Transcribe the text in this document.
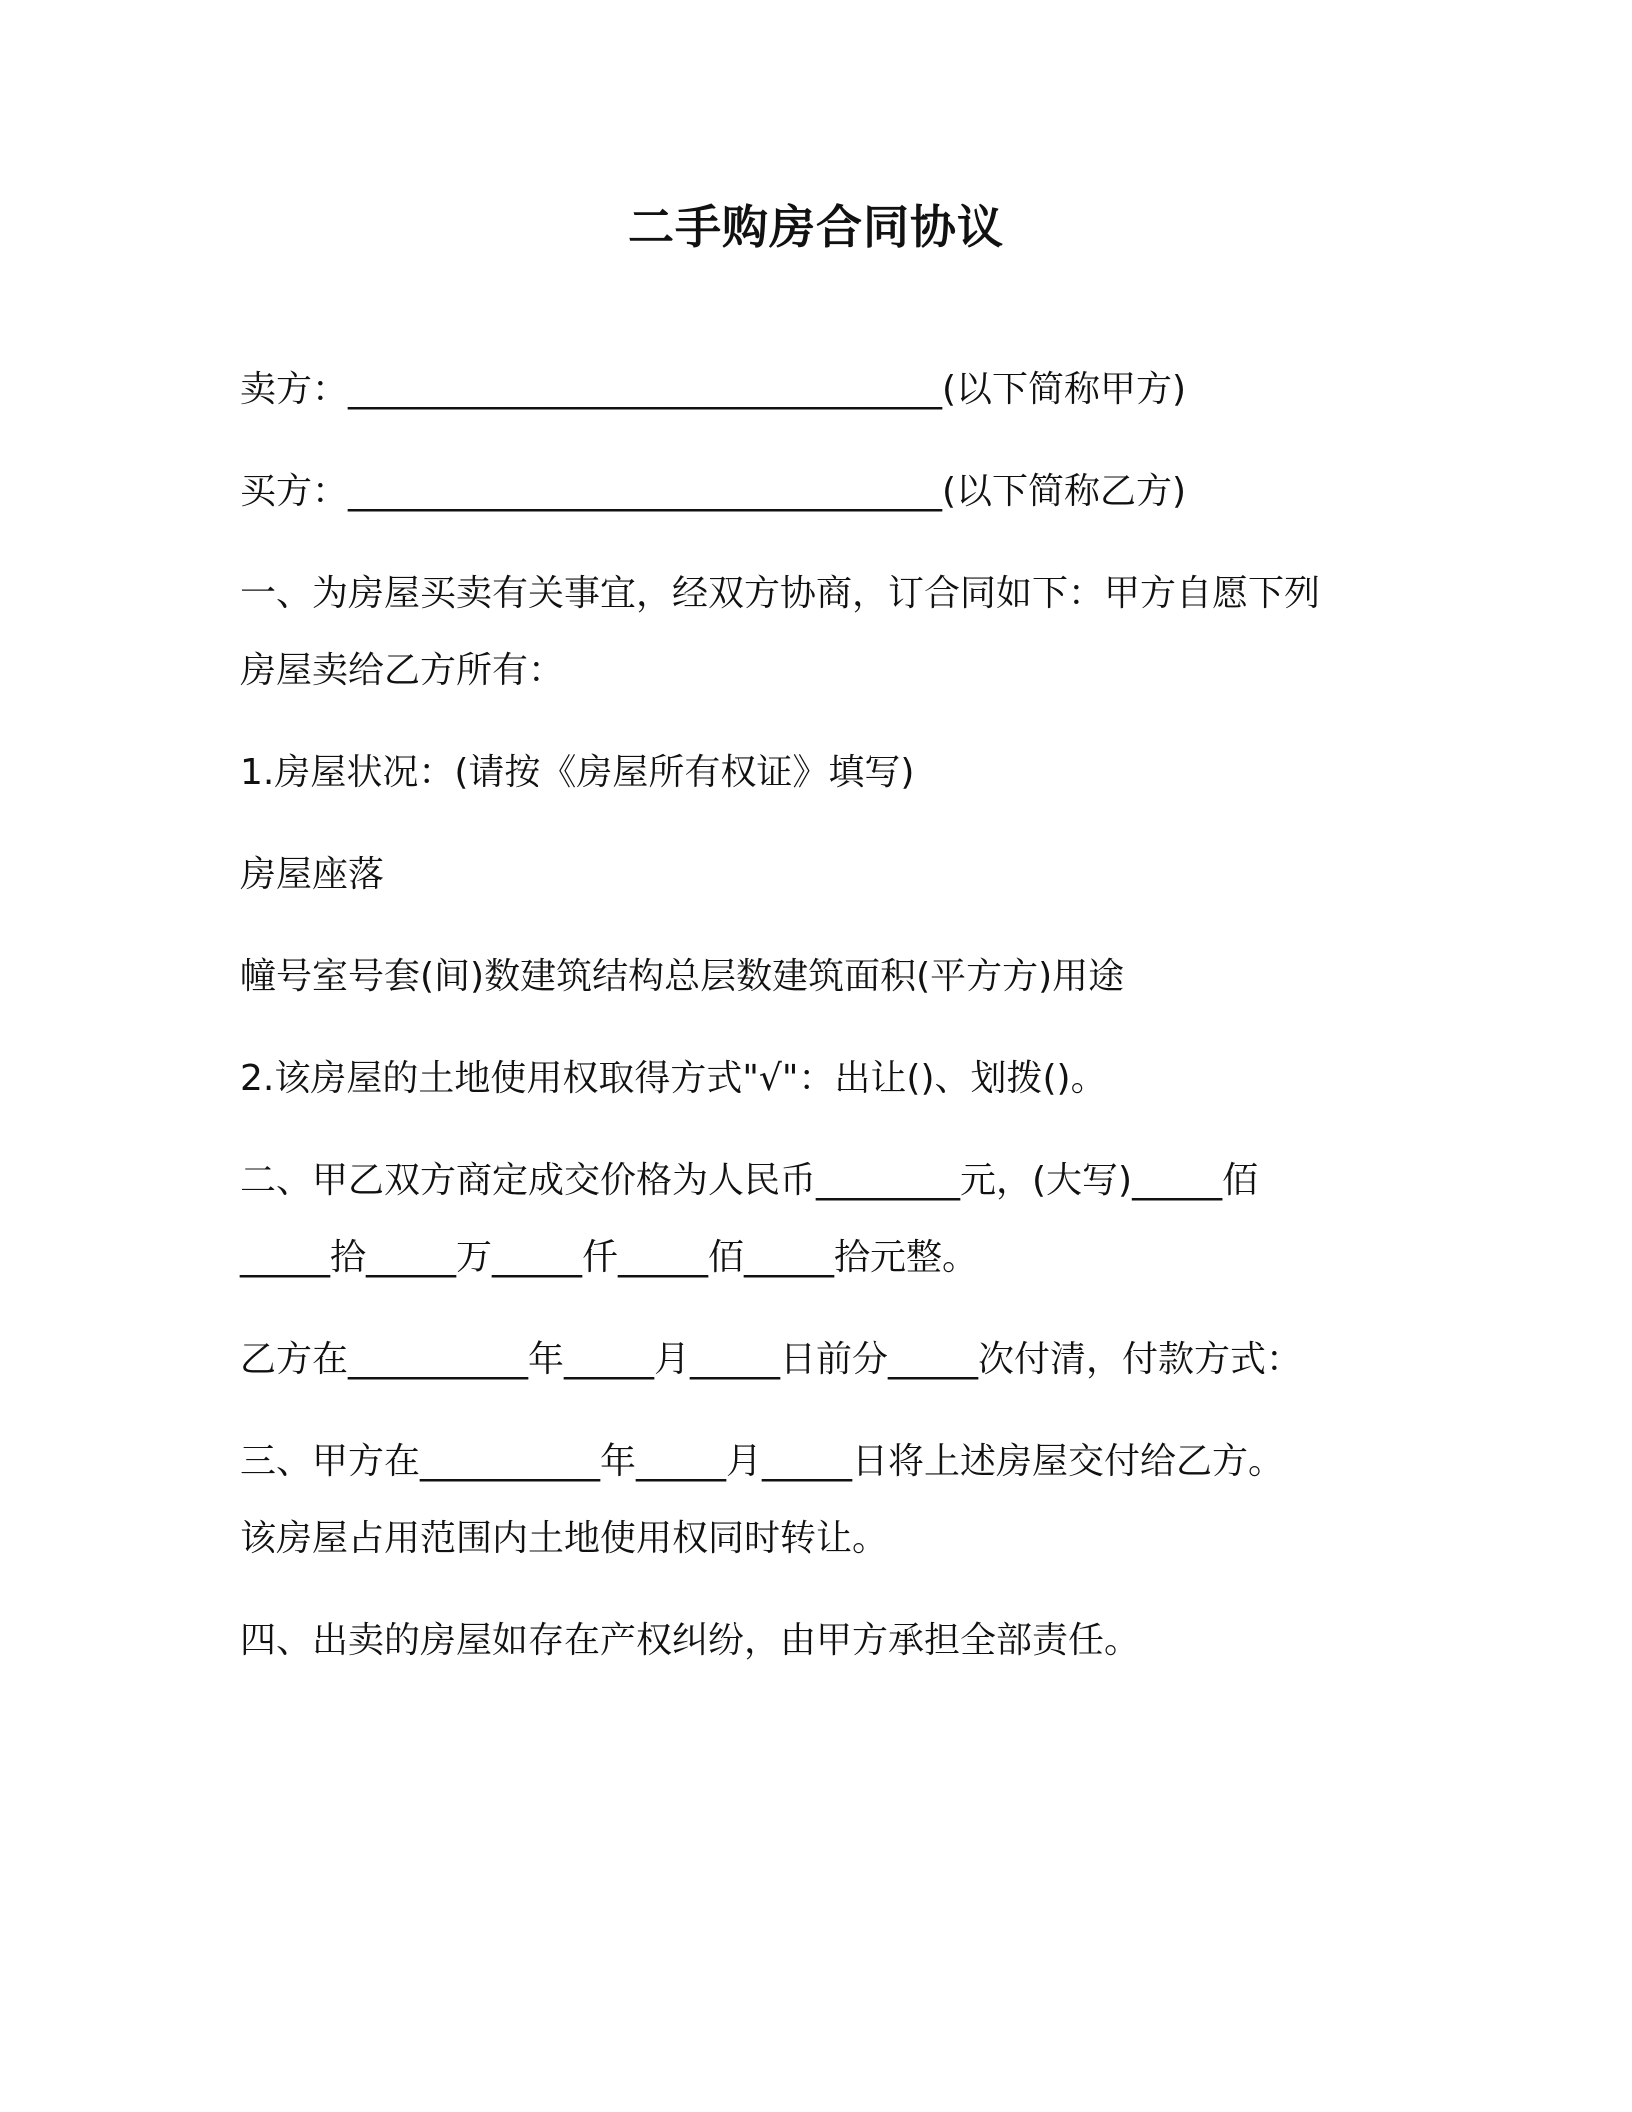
二手购房合同协议
卖方：_________________________________(以下简称甲方)
买方：_________________________________(以下简称乙方)
一、为房屋买卖有关事宜，经双方协商，订合同如下：甲方自愿下列
房屋卖给乙方所有：
1.房屋状况：(请按《房屋所有权证》填写)
房屋座落
幢号室号套(间)数建筑结构总层数建筑面积(平方方)用途
2.该房屋的土地使用权取得方式"√"：出让()、划拨()。
二、甲乙双方商定成交价格为人民币________元，(大写)_____佰
_____拾_____万_____仟_____佰_____拾元整。
乙方在__________年_____月_____日前分_____次付清，付款方式：
三、甲方在__________年_____月_____日将上述房屋交付给乙方。
该房屋占用范围内土地使用权同时转让。
四、出卖的房屋如存在产权纠纷，由甲方承担全部责任。
